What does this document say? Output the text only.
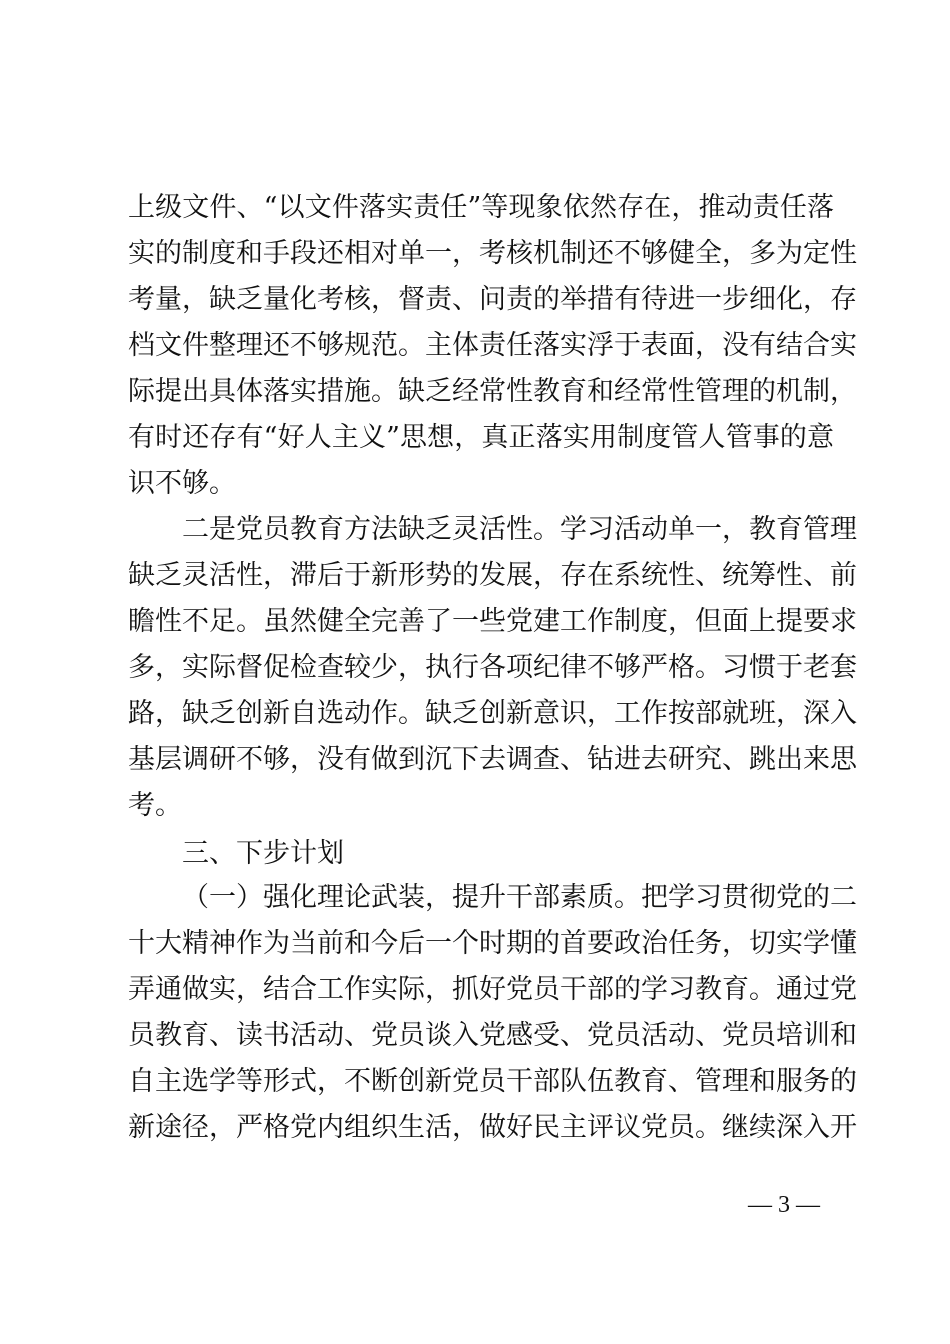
上级文件、“以文件落实责任”等现象依然存在，推动责任落
实的制度和手段还相对单一，考核机制还不够健全，多为定性
考量，缺乏量化考核，督责、问责的举措有待进一步细化，存
档文件整理还不够规范。主体责任落实浮于表面，没有结合实
际提出具体落实措施。缺乏经常性教育和经常性管理的机制，
有时还存有“好人主义”思想，真正落实用制度管人管事的意
识不够。
二是党员教育方法缺乏灵活性。学习活动单一，教育管理
缺乏灵活性，滞后于新形势的发展，存在系统性、统筹性、前
瞻性不足。虽然健全完善了一些党建工作制度，但面上提要求
多，实际督促检查较少，执行各项纪律不够严格。习惯于老套
路，缺乏创新自选动作。缺乏创新意识，工作按部就班，深入
基层调研不够，没有做到沉下去调查、钻进去研究、跳出来思
考。
三、下步计划
（一）强化理论武装，提升干部素质。把学习贯彻党的二
十大精神作为当前和今后一个时期的首要政治任务，切实学懂
弄通做实，结合工作实际，抓好党员干部的学习教育。通过党
员教育、读书活动、党员谈入党感受、党员活动、党员培训和
自主选学等形式，不断创新党员干部队伍教育、管理和服务的
新途径，严格党内组织生活，做好民主评议党员。继续深入开
— 3 —
